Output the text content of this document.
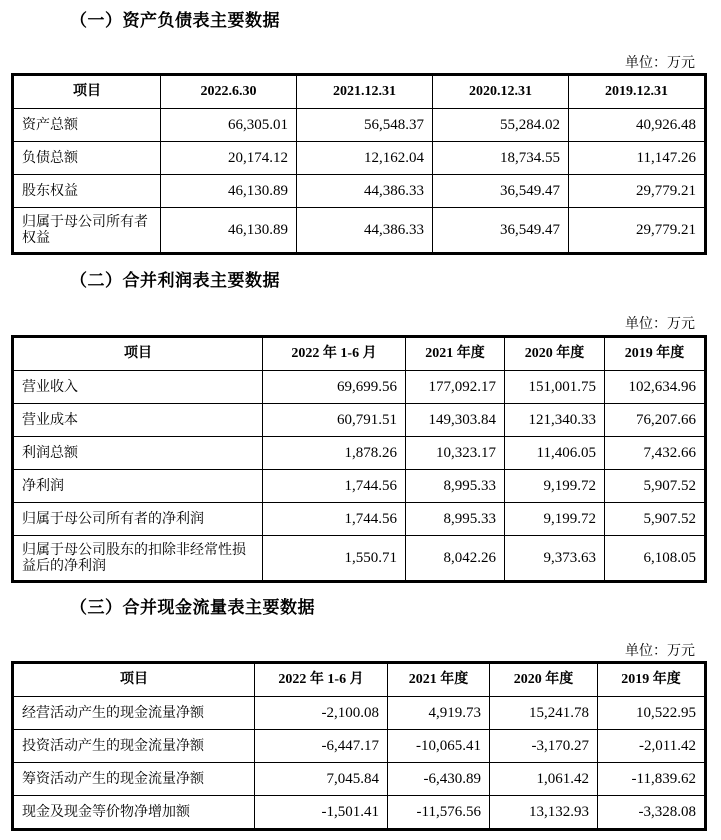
（一）资产负债表主要数据
单位：万元
项目	2022.6.30	2021.12.31	2020.12.31	2019.12.31
资产总额	66,305.01	56,548.37	55,284.02	40,926.48
负债总额	20,174.12	12,162.04	18,734.55	11,147.26
股东权益	46,130.89	44,386.33	36,549.47	29,779.21
归属于母公司所有者权益	46,130.89	44,386.33	36,549.47	29,779.21
（二）合并利润表主要数据
单位：万元
项目	2022 年 1-6 月	2021 年度	2020 年度	2019 年度
营业收入	69,699.56	177,092.17	151,001.75	102,634.96
营业成本	60,791.51	149,303.84	121,340.33	76,207.66
利润总额	1,878.26	10,323.17	11,406.05	7,432.66
净利润	1,744.56	8,995.33	9,199.72	5,907.52
归属于母公司所有者的净利润	1,744.56	8,995.33	9,199.72	5,907.52
归属于母公司股东的扣除非经常性损益后的净利润	1,550.71	8,042.26	9,373.63	6,108.05
（三）合并现金流量表主要数据
单位：万元
项目	2022 年 1-6 月	2021 年度	2020 年度	2019 年度
经营活动产生的现金流量净额	-2,100.08	4,919.73	15,241.78	10,522.95
投资活动产生的现金流量净额	-6,447.17	-10,065.41	-3,170.27	-2,011.42
筹资活动产生的现金流量净额	7,045.84	-6,430.89	1,061.42	-11,839.62
现金及现金等价物净增加额	-1,501.41	-11,576.56	13,132.93	-3,328.08
